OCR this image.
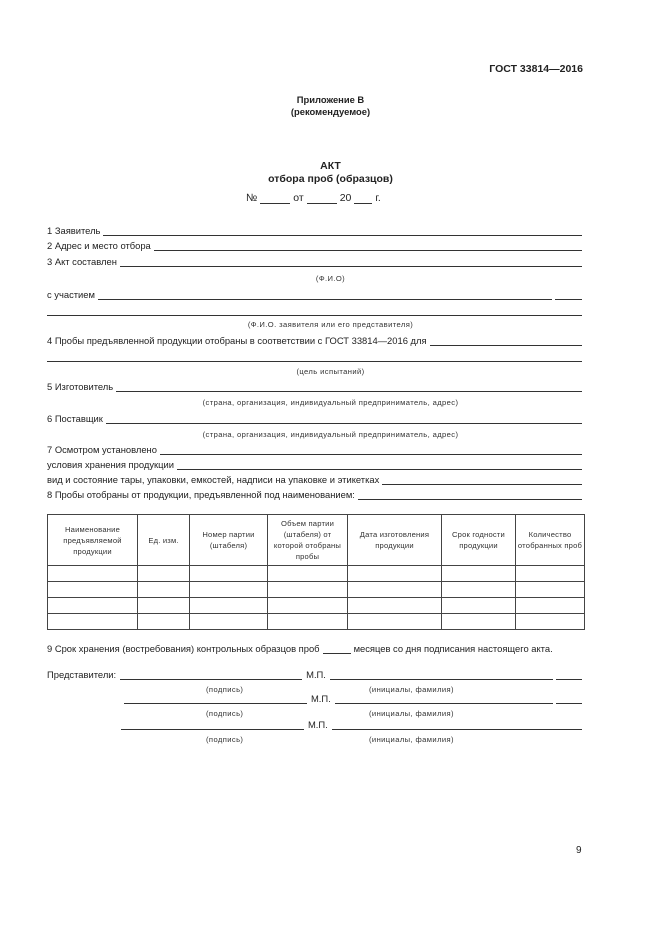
ГОСТ 33814—2016
Приложение В
(рекомендуемое)
АКТ
отбора проб (образцов)
№	от	20 г.
1 Заявитель
2 Адрес и место отбора
3 Акт составлен
(Ф.И.О)
с участием
(Ф.И.О. заявителя или его представителя)
4 Пробы предъявленной продукции отобраны в соответствии с ГОСТ 33814—2016 для
(цель испытаний)
5 Изготовитель
(страна, организация, индивидуальный предприниматель, адрес)
6 Поставщик
(страна, организация, индивидуальный предприниматель, адрес)
7 Осмотром установлено
условия хранения продукции
вид и состояние тары, упаковки, емкостей, надписи на упаковке и этикетках
8 Пробы отобраны от продукции, предъявленной под наименованием:
Наименование предъявляемой продукции	Ед. изм.	Номер партии (штабеля)	Объем партии (штабеля) от которой отобраны пробы	Дата изготовления продукции	Срок годности продукции	Количество отобранных проб

9 Срок хранения (востребования) контрольных образцов проб	месяцев со дня подписания настоящего акта.
Представители:	М.П.
(подпись)	(инициалы, фамилия)
М.П.
(подпись)	(инициалы, фамилия)
М.П.
(подпись)	(инициалы, фамилия)
9
